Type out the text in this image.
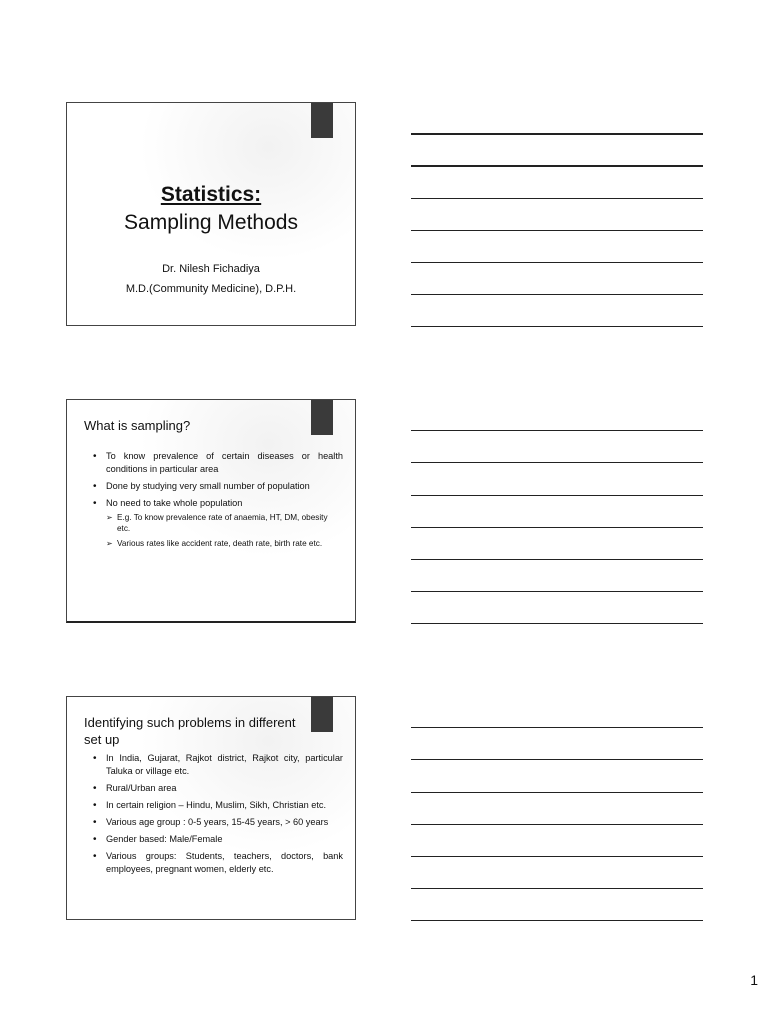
Statistics:
Sampling Methods
Dr. Nilesh Fichadiya
M.D.(Community Medicine), D.P.H.
What is sampling?
• To know prevalence of certain diseases or health conditions in particular area
• Done by studying very small number of population
• No need to take whole population
➢ E.g. To know prevalence rate of anaemia, HT, DM, obesity etc.
➢ Various rates like accident rate, death rate, birth rate etc.
Identifying such problems in different set up
• In India, Gujarat, Rajkot district, Rajkot city, particular Taluka or village etc.
• Rural/Urban area
• In certain religion – Hindu, Muslim, Sikh, Christian etc.
• Various age group : 0-5 years, 15-45 years, > 60 years
• Gender based: Male/Female
• Various groups: Students, teachers, doctors, bank employees, pregnant women, elderly etc.
1
